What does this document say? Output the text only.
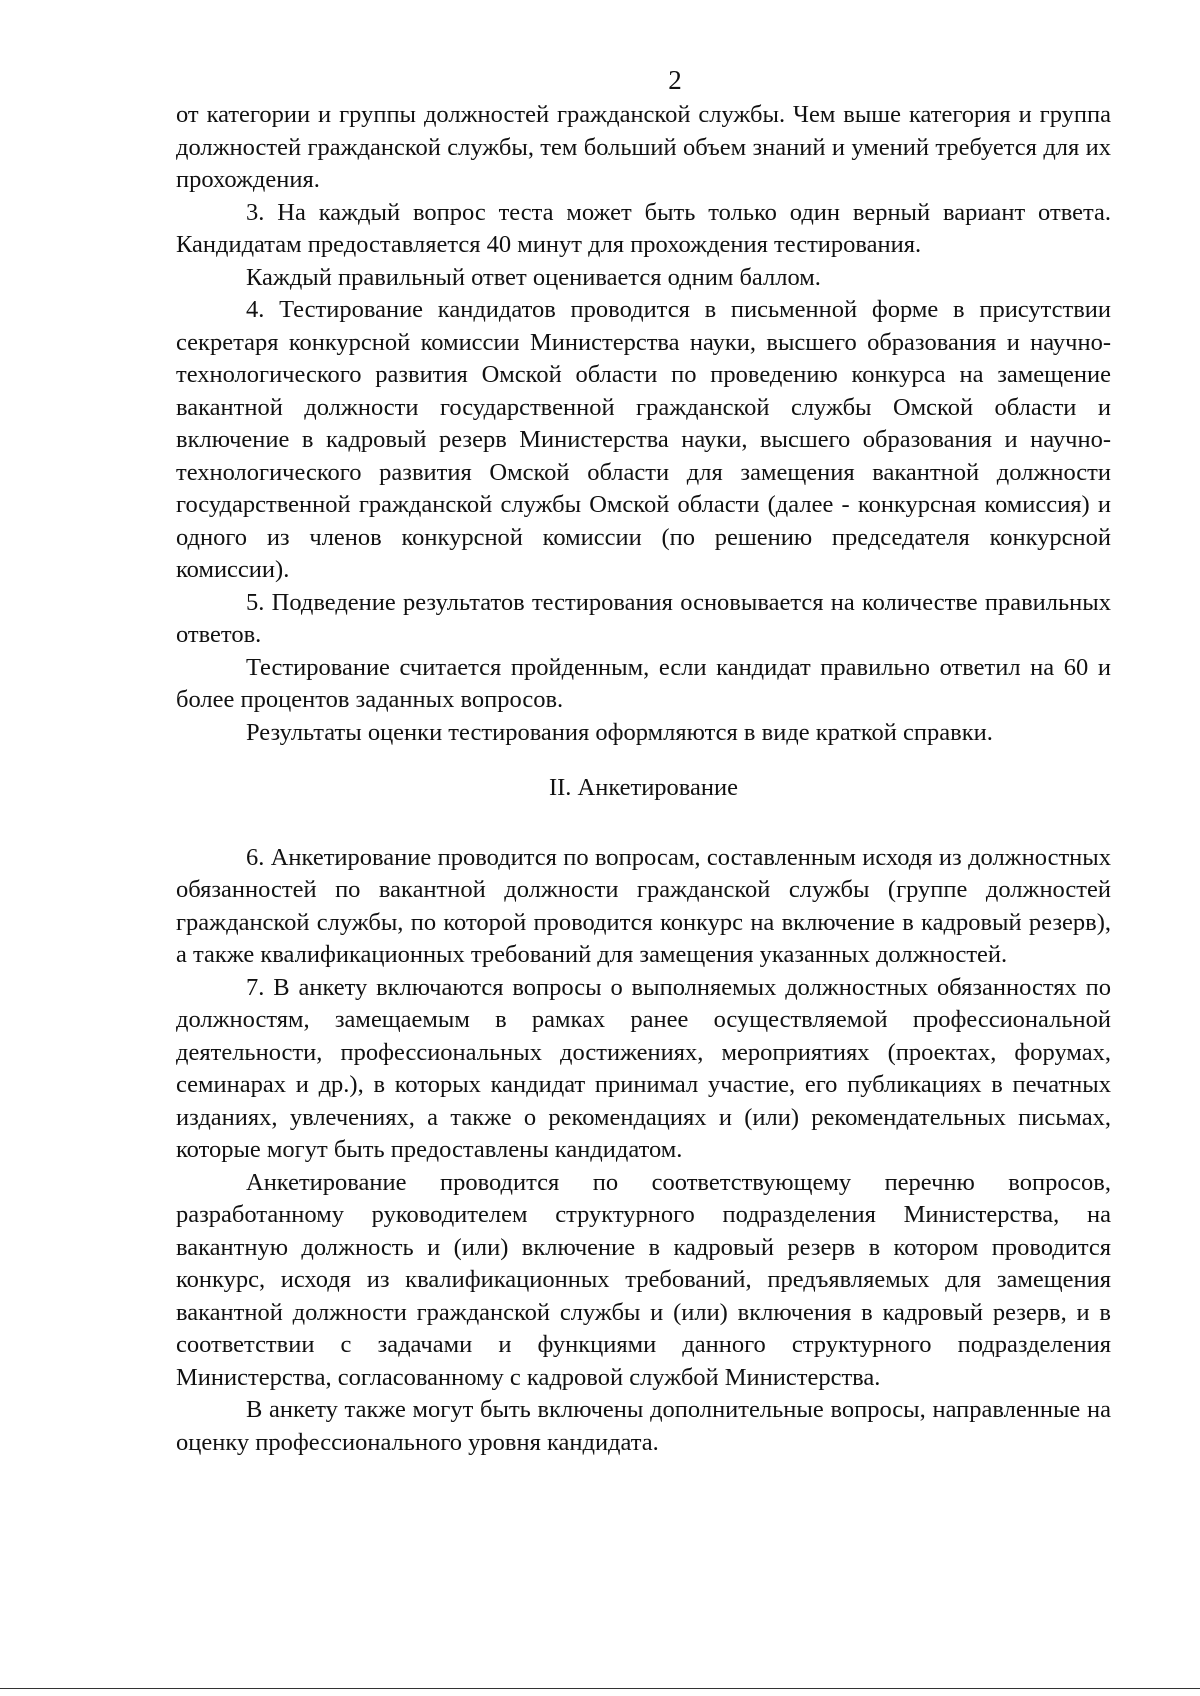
2

от категории и группы должностей гражданской службы. Чем выше категория и группа должностей гражданской службы, тем больший объем знаний и умений требуется для их прохождения.

3. На каждый вопрос теста может быть только один верный вариант ответа. Кандидатам предоставляется 40 минут для прохождения тестирования.

Каждый правильный ответ оценивается одним баллом.

4. Тестирование кандидатов проводится в письменной форме в присутствии секретаря конкурсной комиссии Министерства науки, высшего образования и научно-технологического развития Омской области по проведению конкурса на замещение вакантной должности государственной гражданской службы Омской области и включение в кадровый резерв Министерства науки, высшего образования и научно-технологического развития Омской области для замещения вакантной должности государственной гражданской службы Омской области (далее - конкурсная комиссия) и одного из членов конкурсной комиссии (по решению председателя конкурсной комиссии).

5. Подведение результатов тестирования основывается на количестве правильных ответов.

Тестирование считается пройденным, если кандидат правильно ответил на 60 и более процентов заданных вопросов.

Результаты оценки тестирования оформляются в виде краткой справки.

II. Анкетирование

6. Анкетирование проводится по вопросам, составленным исходя из должностных обязанностей по вакантной должности гражданской службы (группе должностей гражданской службы, по которой проводится конкурс на включение в кадровый резерв), а также квалификационных требований для замещения указанных должностей.

7. В анкету включаются вопросы о выполняемых должностных обязанностях по должностям, замещаемым в рамках ранее осуществляемой профессиональной деятельности, профессиональных достижениях, мероприятиях (проектах, форумах, семинарах и др.), в которых кандидат принимал участие, его публикациях в печатных изданиях, увлечениях, а также о рекомендациях и (или) рекомендательных письмах, которые могут быть предоставлены кандидатом.

Анкетирование проводится по соответствующему перечню вопросов, разработанному руководителем структурного подразделения Министерства, на вакантную должность и (или) включение в кадровый резерв в котором проводится конкурс, исходя из квалификационных требований, предъявляемых для замещения вакантной должности гражданской службы и (или) включения в кадровый резерв, и в соответствии с задачами и функциями данного структурного подразделения Министерства, согласованному с кадровой службой Министерства.

В анкету также могут быть включены дополнительные вопросы, направленные на оценку профессионального уровня кандидата.
